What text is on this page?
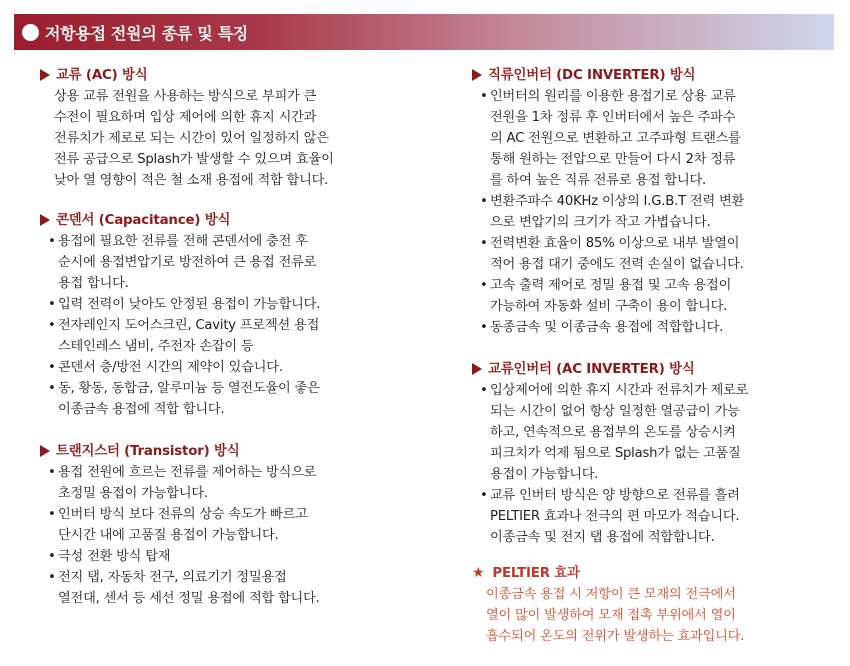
저항용접 전원의 종류 및 특징
교류 (AC) 방식
상용 교류 전원을 사용하는 방식으로 부피가 큰
수전이 필요하며 입상 제어에 의한 휴지 시간과
전류치가 제로로 되는 시간이 있어 일정하지 않은
전류 공급으로 Splash가 발생할 수 있으며 효율이
낮아 열 영향이 적은 철 소재 용접에 적합 합니다.
콘덴서 (Capacitance) 방식
• 용접에 필요한 전류를 전해 콘덴서에 충전 후
순시에 용접변압기로 방전하여 큰 용접 전류로
용접 합니다.
• 입력 전력이 낮아도 안정된 용접이 가능합니다.
• 전자레인지 도어스크린, Cavity 프로젝션 용접
스테인레스 냄비, 주전자 손잡이 등
• 콘덴서 충/방전 시간의 제약이 있습니다.
• 동, 황동, 동합금, 알루미늄 등 열전도율이 좋은
이종금속 용접에 적합 합니다.
트랜지스터 (Transistor) 방식
• 용접 전원에 흐르는 전류를 제어하는 방식으로
초정밀 용접이 가능합니다.
• 인버터 방식 보다 전류의 상승 속도가 빠르고
단시간 내에 고품질 용접이 가능합니다.
• 극성 전환 방식 탑재
• 전지 탭, 자동차 전구, 의료기기 정밀용접
열전대, 센서 등 세선 정밀 용접에 적합 합니다.
직류인버터 (DC INVERTER) 방식
• 인버터의 원리를 이용한 용접기로 상용 교류
전원을 1차 정류 후 인버터에서 높은 주파수
의 AC 전원으로 변환하고 고주파형 트랜스를
통해 원하는 전압으로 만들어 다시 2차 정류
를 하여 높은 직류 전류로 용접 합니다.
• 변환주파수 40KHz 이상의 I.G.B.T 전력 변환
으로 변압기의 크기가 작고 가볍습니다.
• 전력변환 효율이 85% 이상으로 내부 발열이
적어 용접 대기 중에도 전력 손실이 없습니다.
• 고속 출력 제어로 정밀 용접 및 고속 용접이
가능하여 자동화 설비 구축이 용이 합니다.
• 동종금속 및 이종금속 용접에 적합합니다.
교류인버터 (AC INVERTER) 방식
• 입상제어에 의한 휴지 시간과 전류치가 제로로
되는 시간이 없어 항상 일정한 열공급이 가능
하고, 연속적으로 용접부의 온도를 상승시켜
피크치가 억제 됨으로 Splash가 없는 고품질
용접이 가능합니다.
• 교류 인버터 방식은 양 방향으로 전류를 흘려
PELTIER 효과나 전극의 편 마모가 적습니다.
이종금속 및 전지 탭 용접에 적합합니다.
★ PELTIER 효과
이종금속 용접 시 저항이 큰 모재의 전극에서
열이 많이 발생하여 모재 접촉 부위에서 열이
흡수되어 온도의 전위가 발생하는 효과입니다.
